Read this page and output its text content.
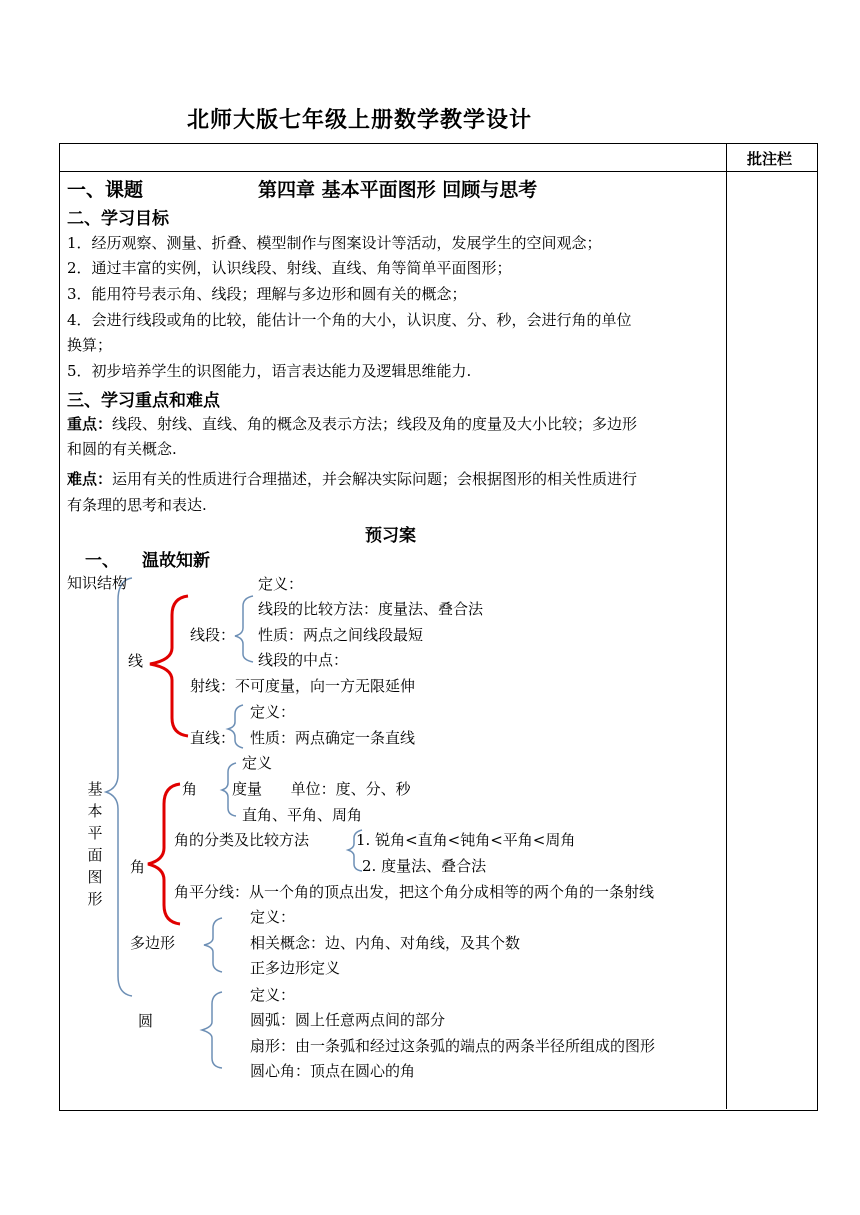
北师大版七年级上册数学教学设计
批注栏
一、课题	第四章 基本平面图形 回顾与思考
二、学习目标
1．经历观察、测量、折叠、模型制作与图案设计等活动，发展学生的空间观念；
2．通过丰富的实例，认识线段、射线、直线、角等简单平面图形；
3．能用符号表示角、线段；理解与多边形和圆有关的概念；
4．会进行线段或角的比较，能估计一个角的大小，认识度、分、秒，会进行角的单位
换算；
5．初步培养学生的识图能力，语言表达能力及逻辑思维能力.
三、学习重点和难点
重点：线段、射线、直线、角的概念及表示方法；线段及角的度量及大小比较；多边形
和圆的有关概念.
难点：运用有关的性质进行合理描述，并会解决实际问题；会根据图形的相关性质进行
有条理的思考和表达.
预习案
一、 温故知新
知识结构
基本平面图形
线
线段：
定义：
线段的比较方法：度量法、叠合法
性质：两点之间线段最短
线段的中点：
射线：不可度量，向一方无限延伸
直线：
定义：
性质：两点确定一条直线
角
角
定义
度量      单位：度、分、秒
直角、平角、周角
角的分类及比较方法	1. 锐角<直角<钝角<平角<周角
2. 度量法、叠合法
角平分线：从一个角的顶点出发，把这个角分成相等的两个角的一条射线
多边形
定义：
相关概念：边、内角、对角线，及其个数
正多边形定义
圆
定义：
圆弧：圆上任意两点间的部分
扇形：由一条弧和经过这条弧的端点的两条半径所组成的图形
圆心角：顶点在圆心的角
